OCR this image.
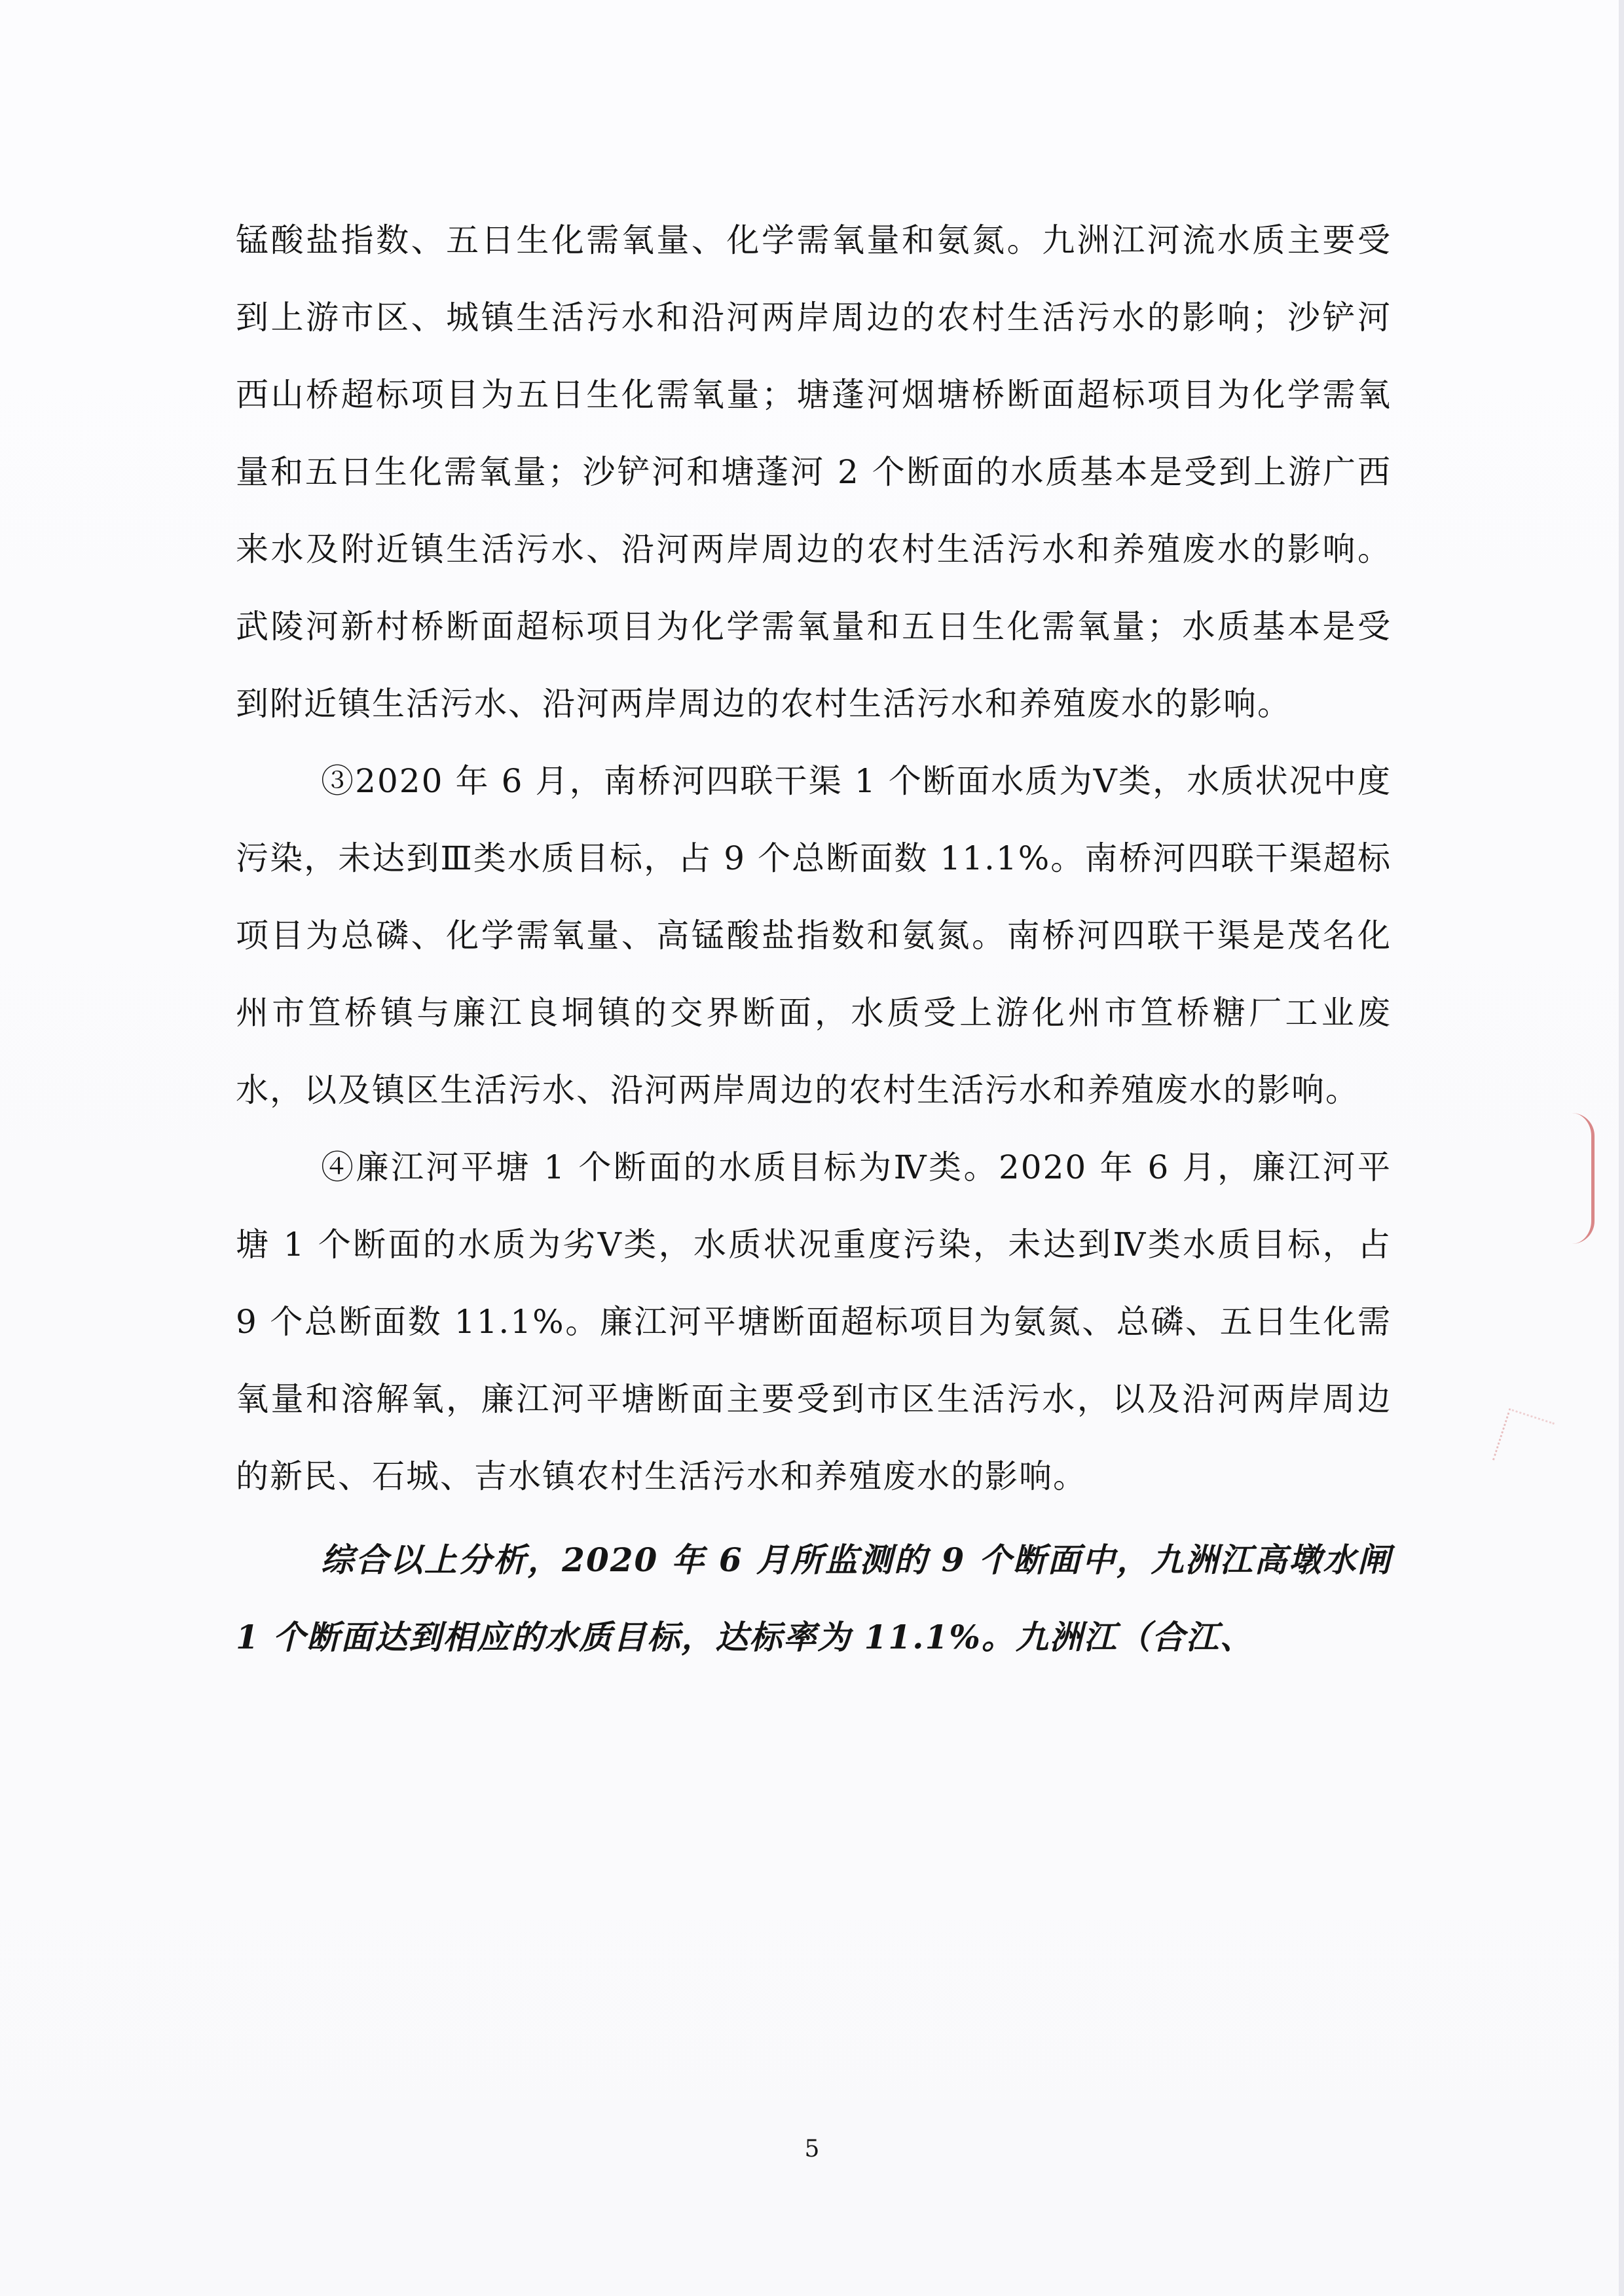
锰酸盐指数、五日生化需氧量、化学需氧量和氨氮。九洲江河流水质主要受到上游市区、城镇生活污水和沿河两岸周边的农村生活污水的影响；沙铲河西山桥超标项目为五日生化需氧量；塘蓬河烟塘桥断面超标项目为化学需氧量和五日生化需氧量；沙铲河和塘蓬河 2 个断面的水质基本是受到上游广西来水及附近镇生活污水、沿河两岸周边的农村生活污水和养殖废水的影响。武陵河新村桥断面超标项目为化学需氧量和五日生化需氧量；水质基本是受到附近镇生活污水、沿河两岸周边的农村生活污水和养殖废水的影响。

③2020 年 6 月，南桥河四联干渠 1 个断面水质为Ⅴ类，水质状况中度污染，未达到Ⅲ类水质目标，占 9 个总断面数 11.1%。南桥河四联干渠超标项目为总磷、化学需氧量、高锰酸盐指数和氨氮。南桥河四联干渠是茂名化州市笪桥镇与廉江良垌镇的交界断面，水质受上游化州市笪桥糖厂工业废水，以及镇区生活污水、沿河两岸周边的农村生活污水和养殖废水的影响。

④廉江河平塘 1 个断面的水质目标为Ⅳ类。2020 年 6 月，廉江河平塘 1 个断面的水质为劣Ⅴ类，水质状况重度污染，未达到Ⅳ类水质目标，占 9 个总断面数 11.1%。廉江河平塘断面超标项目为氨氮、总磷、五日生化需氧量和溶解氧，廉江河平塘断面主要受到市区生活污水，以及沿河两岸周边的新民、石城、吉水镇农村生活污水和养殖废水的影响。

综合以上分析，2020 年 6 月所监测的 9 个断面中，九洲江高墩水闸 1 个断面达到相应的水质目标，达标率为 11.1%。九洲江（合江、

5
